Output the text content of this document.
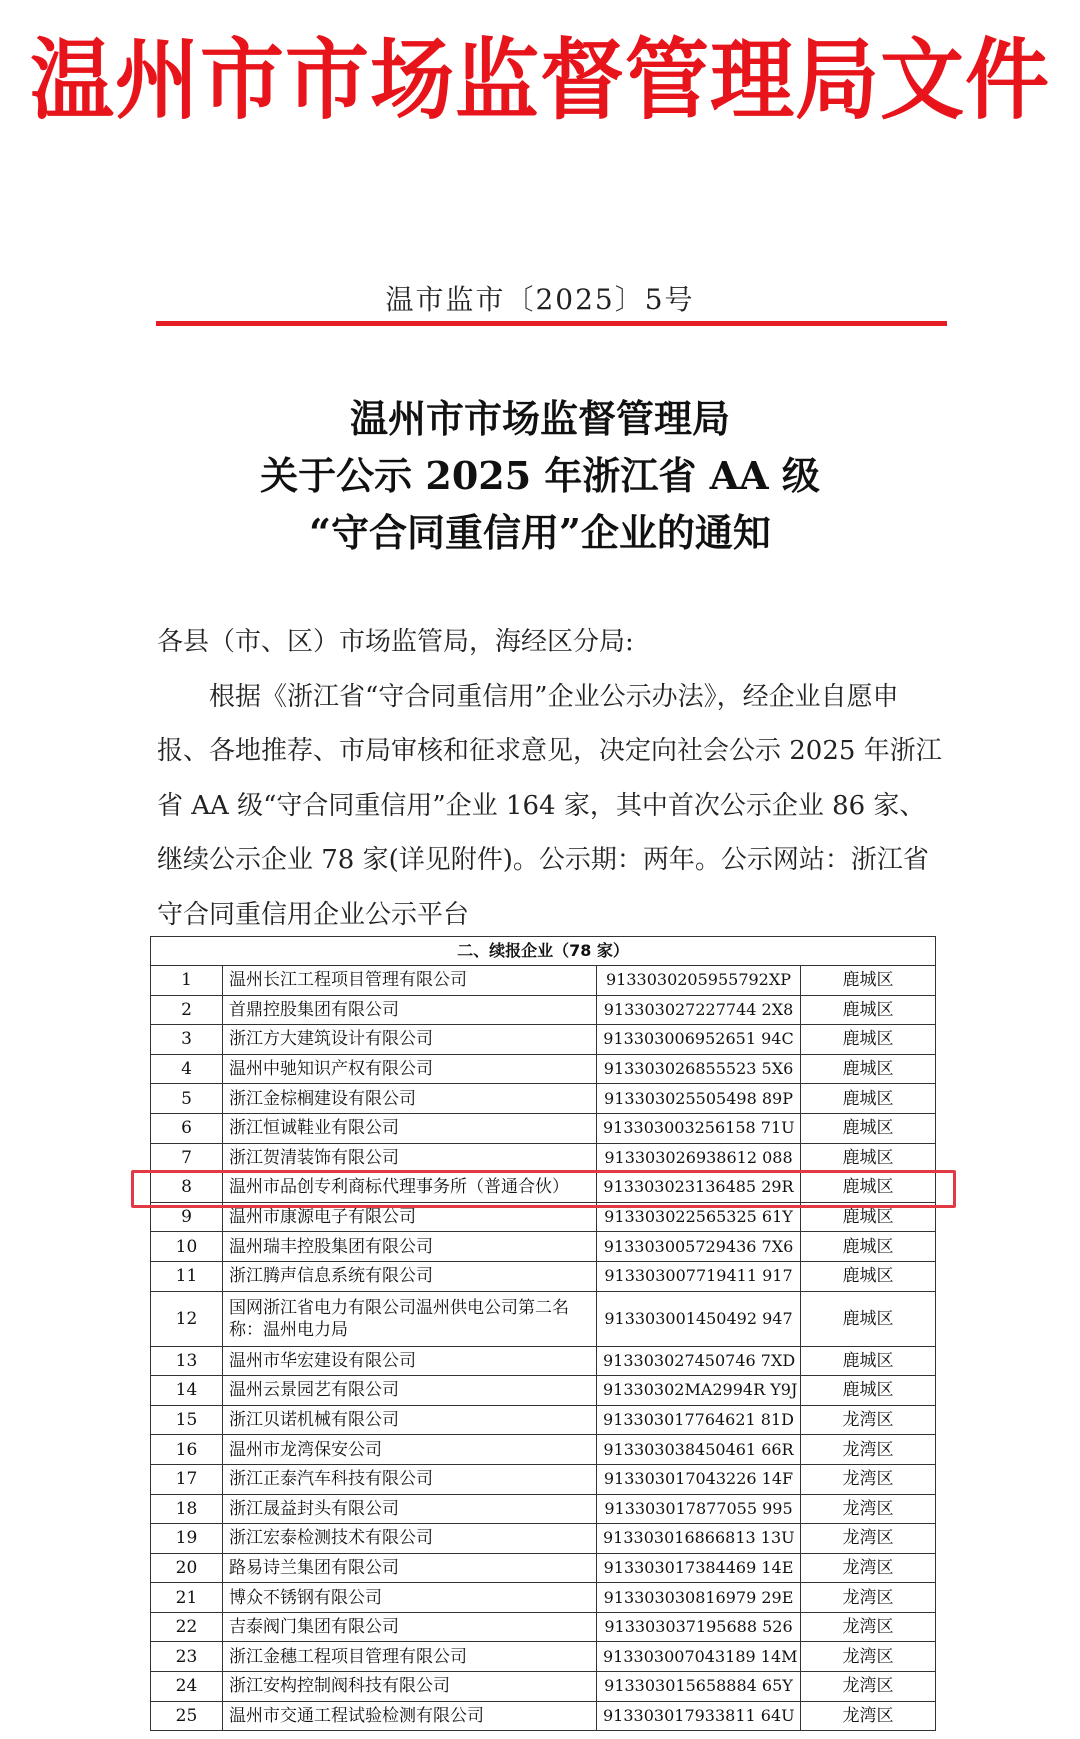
温州市市场监督管理局文件
温市监市〔2025〕5号
温州市市场监督管理局
关于公示 2025 年浙江省 AA 级
“守合同重信用”企业的通知
各县（市、区）市场监管局，海经区分局:
根据《浙江省“守合同重信用”企业公示办法》，经企业自愿申报、各地推荐、市局审核和征求意见，决定向社会公示 2025 年浙江省 AA 级“守合同重信用”企业 164 家，其中首次公示企业 86 家、继续公示企业 78 家(详见附件)。公示期：两年。公示网站：浙江省守合同重信用企业公示平台
二、续报企业（78 家）			
1	温州长江工程项目管理有限公司	91330302059557‌92XP	鹿城区
2	首鼎控股集团有限公司	913303027227744 2X8	鹿城区
3	浙江方大建筑设计有限公司	913303006952651 94C	鹿城区
4	温州中驰知识产权有限公司	913303026855523 5X6	鹿城区
5	浙江金棕榈建设有限公司	913303025505498 89P	鹿城区
6	浙江恒诚鞋业有限公司	913303003256158 71U	鹿城区
7	浙江贺清装饰有限公司	913303026938612 088	鹿城区
8	温州市品创专利商标代理事务所（普通合伙）	913303023136485 29R	鹿城区
9	温州市康源电子有限公司	913303022565325 61Y	鹿城区
10	温州瑞丰控股集团有限公司	913303005729436 7X6	鹿城区
11	浙江腾声信息系统有限公司	913303007719411 917	鹿城区
12	国网浙江省电力有限公司温州供电公司第二名称：温州电力局	913303001450492 947	鹿城区
13	温州市华宏建设有限公司	913303027450746 7XD	鹿城区
14	温州云景园艺有限公司	91330302MA2994R Y9J	鹿城区
15	浙江贝诺机械有限公司	913303017764621 81D	龙湾区
16	温州市龙湾保安公司	913303038450461 66R	龙湾区
17	浙江正泰汽车科技有限公司	913303017043226 14F	龙湾区
18	浙江晟益封头有限公司	913303017877055 995	龙湾区
19	浙江宏泰检测技术有限公司	913303016866813 13U	龙湾区
20	路易诗兰集团有限公司	913303017384469 14E	龙湾区
21	博众不锈钢有限公司	913303030816979 29E	龙湾区
22	吉泰阀门集团有限公司	913303037195688 526	龙湾区
23	浙江金穗工程项目管理有限公司	913303007043189 14M	龙湾区
24	浙江安构控制阀科技有限公司	913303015658884 65Y	龙湾区
25	温州市交通工程试验检测有限公司	913303017933811 64U	龙湾区
